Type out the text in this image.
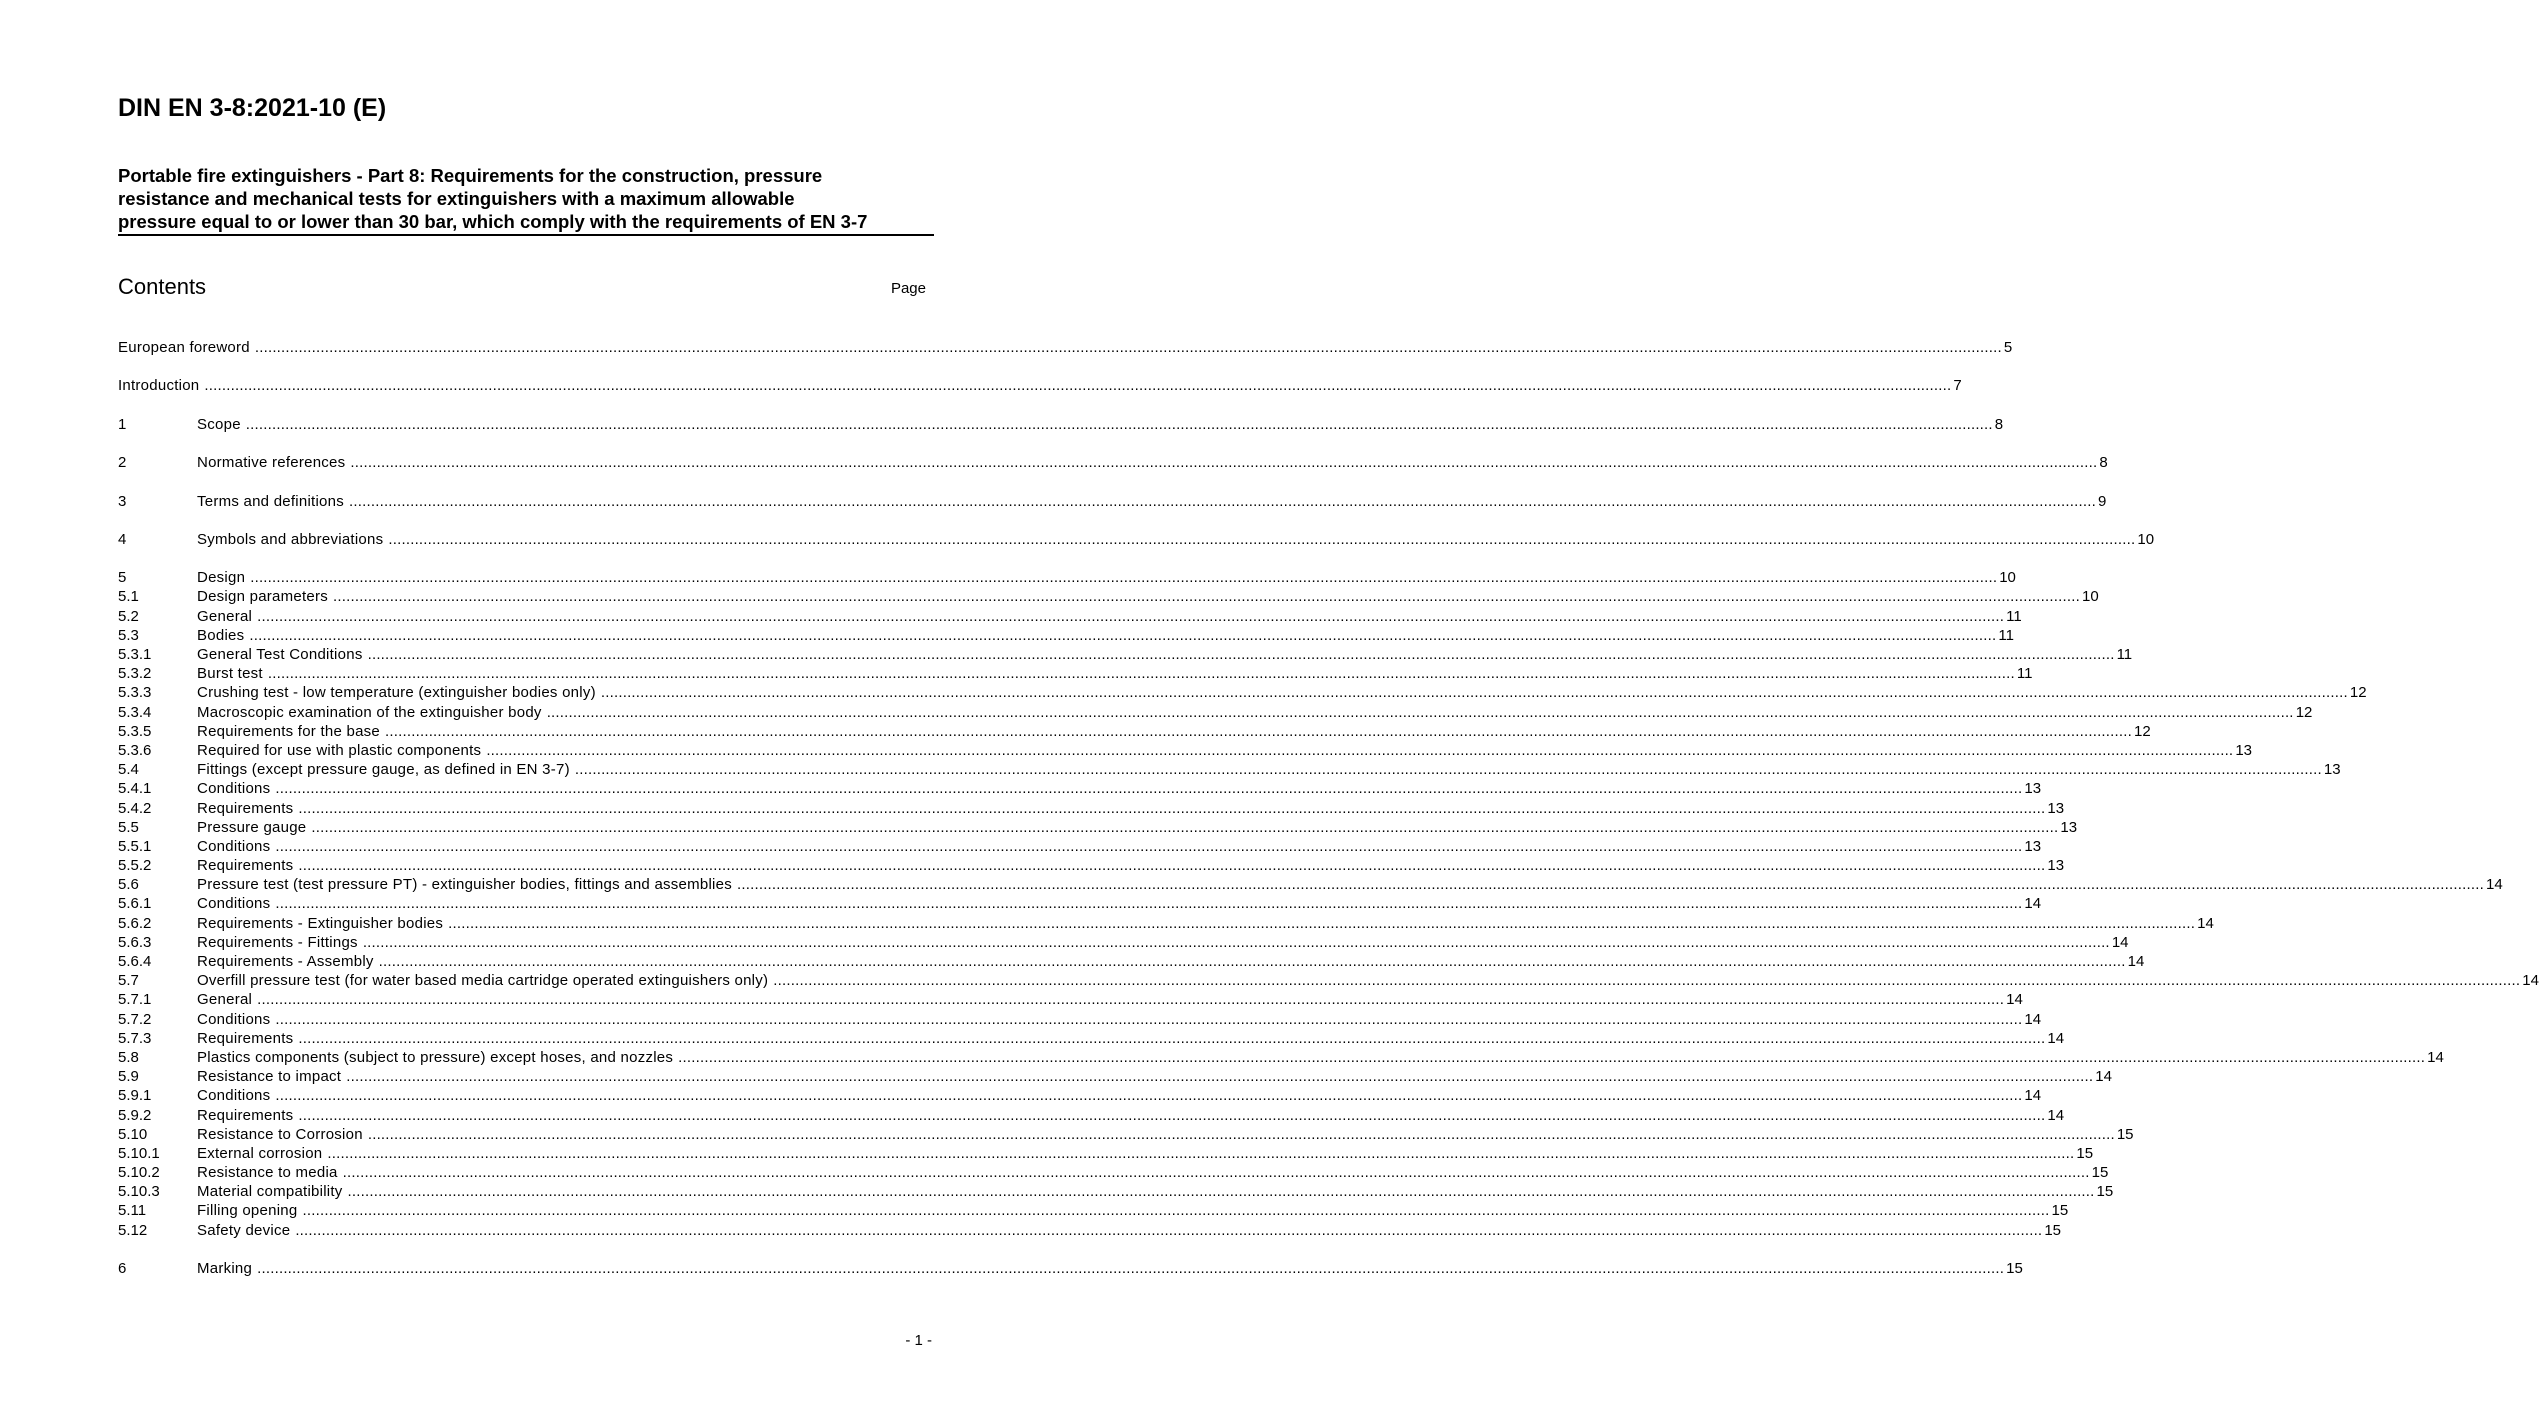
DIN EN 3-8:2021-10 (E)
Portable fire extinguishers - Part 8: Requirements for the construction, pressure
resistance and mechanical tests for extinguishers with a maximum allowable
pressure equal to or lower than 30 bar, which comply with the requirements of EN 3-7
Contents	Page
European foreword ................................................................................................................................................................................................................................................................................................................................................................................................................ 5
Introduction ................................................................................................................................................................................................................................................................................................................................................................................................................ 7
1	Scope ................................................................................................................................................................................................................................................................................................................................................................................................................ 8
2	Normative references ................................................................................................................................................................................................................................................................................................................................................................................................................ 8
3	Terms and definitions ................................................................................................................................................................................................................................................................................................................................................................................................................ 9
4	Symbols and abbreviations ................................................................................................................................................................................................................................................................................................................................................................................................................ 10
5	Design ................................................................................................................................................................................................................................................................................................................................................................................................................ 10
5.1	Design parameters ................................................................................................................................................................................................................................................................................................................................................................................................................ 10
5.2	General ................................................................................................................................................................................................................................................................................................................................................................................................................ 11
5.3	Bodies ................................................................................................................................................................................................................................................................................................................................................................................................................ 11
5.3.1	General Test Conditions ................................................................................................................................................................................................................................................................................................................................................................................................................ 11
5.3.2	Burst test ................................................................................................................................................................................................................................................................................................................................................................................................................ 11
5.3.3	Crushing test - low temperature (extinguisher bodies only) ................................................................................................................................................................................................................................................................................................................................................................................................................ 12
5.3.4	Macroscopic examination of the extinguisher body ................................................................................................................................................................................................................................................................................................................................................................................................................ 12
5.3.5	Requirements for the base ................................................................................................................................................................................................................................................................................................................................................................................................................ 12
5.3.6	Required for use with plastic components ................................................................................................................................................................................................................................................................................................................................................................................................................ 13
5.4	Fittings (except pressure gauge, as defined in EN 3-7) ................................................................................................................................................................................................................................................................................................................................................................................................................ 13
5.4.1	Conditions ................................................................................................................................................................................................................................................................................................................................................................................................................ 13
5.4.2	Requirements ................................................................................................................................................................................................................................................................................................................................................................................................................ 13
5.5	Pressure gauge ................................................................................................................................................................................................................................................................................................................................................................................................................ 13
5.5.1	Conditions ................................................................................................................................................................................................................................................................................................................................................................................................................ 13
5.5.2	Requirements ................................................................................................................................................................................................................................................................................................................................................................................................................ 13
5.6	Pressure test (test pressure PT) - extinguisher bodies, fittings and assemblies ................................................................................................................................................................................................................................................................................................................................................................................................................ 14
5.6.1	Conditions ................................................................................................................................................................................................................................................................................................................................................................................................................ 14
5.6.2	Requirements - Extinguisher bodies ................................................................................................................................................................................................................................................................................................................................................................................................................ 14
5.6.3	Requirements - Fittings ................................................................................................................................................................................................................................................................................................................................................................................................................ 14
5.6.4	Requirements - Assembly ................................................................................................................................................................................................................................................................................................................................................................................................................ 14
5.7	Overfill pressure test (for water based media cartridge operated extinguishers only) ................................................................................................................................................................................................................................................................................................................................................................................................................ 14
5.7.1	General ................................................................................................................................................................................................................................................................................................................................................................................................................ 14
5.7.2	Conditions ................................................................................................................................................................................................................................................................................................................................................................................................................ 14
5.7.3	Requirements ................................................................................................................................................................................................................................................................................................................................................................................................................ 14
5.8	Plastics components (subject to pressure) except hoses, and nozzles ................................................................................................................................................................................................................................................................................................................................................................................................................ 14
5.9	Resistance to impact ................................................................................................................................................................................................................................................................................................................................................................................................................ 14
5.9.1	Conditions ................................................................................................................................................................................................................................................................................................................................................................................................................ 14
5.9.2	Requirements ................................................................................................................................................................................................................................................................................................................................................................................................................ 14
5.10	Resistance to Corrosion ................................................................................................................................................................................................................................................................................................................................................................................................................ 15
5.10.1	External corrosion ................................................................................................................................................................................................................................................................................................................................................................................................................ 15
5.10.2	Resistance to media ................................................................................................................................................................................................................................................................................................................................................................................................................ 15
5.10.3	Material compatibility ................................................................................................................................................................................................................................................................................................................................................................................................................ 15
5.11	Filling opening ................................................................................................................................................................................................................................................................................................................................................................................................................ 15
5.12	Safety device ................................................................................................................................................................................................................................................................................................................................................................................................................ 15
6	Marking ................................................................................................................................................................................................................................................................................................................................................................................................................ 15
- 1 -
